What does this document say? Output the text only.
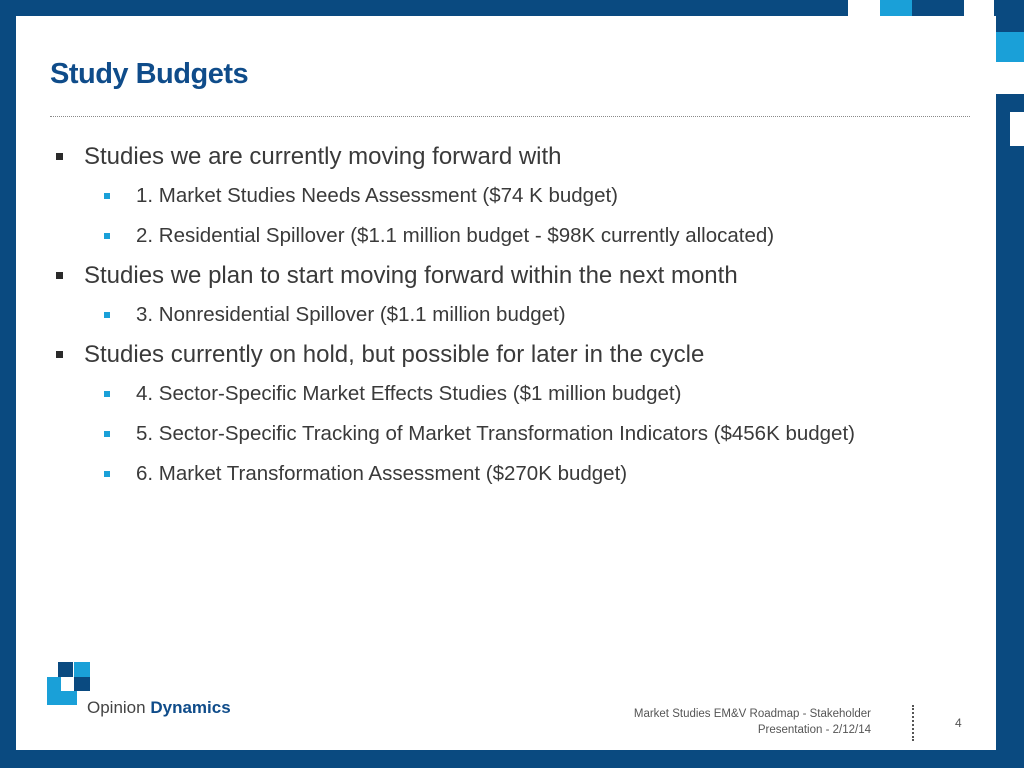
Study Budgets
Studies we are currently moving forward with
1. Market Studies Needs Assessment ($74 K budget)
2. Residential Spillover ($1.1 million budget - $98K currently allocated)
Studies we plan to start moving forward within the next month
3. Nonresidential Spillover ($1.1 million budget)
Studies currently on hold, but possible for later in the cycle
4. Sector-Specific Market Effects Studies ($1 million budget)
5. Sector-Specific Tracking of Market Transformation Indicators ($456K budget)
6. Market Transformation Assessment ($270K budget)
Opinion Dynamics	Market Studies EM&V Roadmap - Stakeholder
Presentation - 2/12/14	4
